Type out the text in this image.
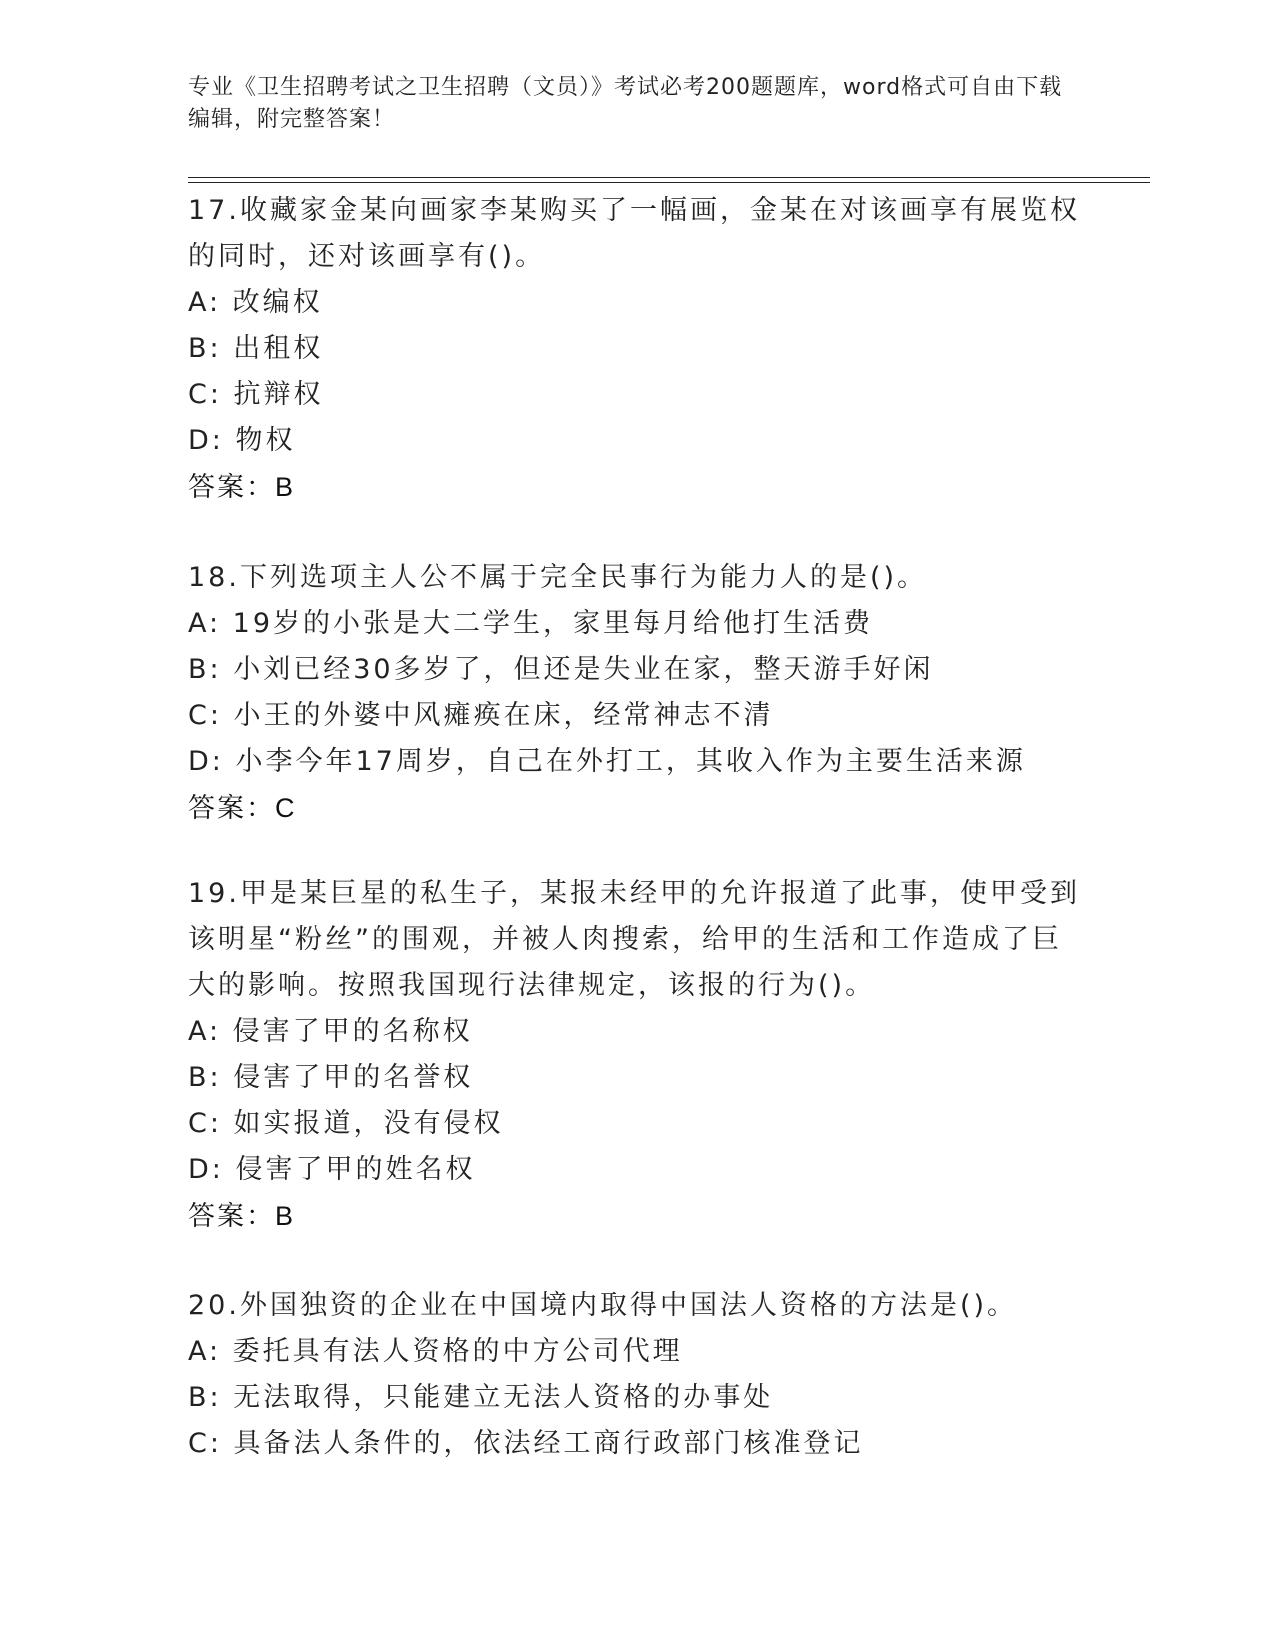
专业《卫生招聘考试之卫生招聘（文员）》考试必考200题题库，word格式可自由下载编辑，附完整答案！
17.收藏家金某向画家李某购买了一幅画，金某在对该画享有展览权的同时，还对该画享有()。
A: 改编权
B: 出租权
C: 抗辩权
D: 物权
答案：B
18.下列选项主人公不属于完全民事行为能力人的是()。
A: 19岁的小张是大二学生，家里每月给他打生活费
B: 小刘已经30多岁了，但还是失业在家，整天游手好闲
C: 小王的外婆中风瘫痪在床，经常神志不清
D: 小李今年17周岁，自己在外打工，其收入作为主要生活来源
答案：C
19.甲是某巨星的私生子，某报未经甲的允许报道了此事，使甲受到该明星“粉丝”的围观，并被人肉搜索，给甲的生活和工作造成了巨大的影响。按照我国现行法律规定，该报的行为()。
A: 侵害了甲的名称权
B: 侵害了甲的名誉权
C: 如实报道，没有侵权
D: 侵害了甲的姓名权
答案：B
20.外国独资的企业在中国境内取得中国法人资格的方法是()。
A: 委托具有法人资格的中方公司代理
B: 无法取得，只能建立无法人资格的办事处
C: 具备法人条件的，依法经工商行政部门核准登记
